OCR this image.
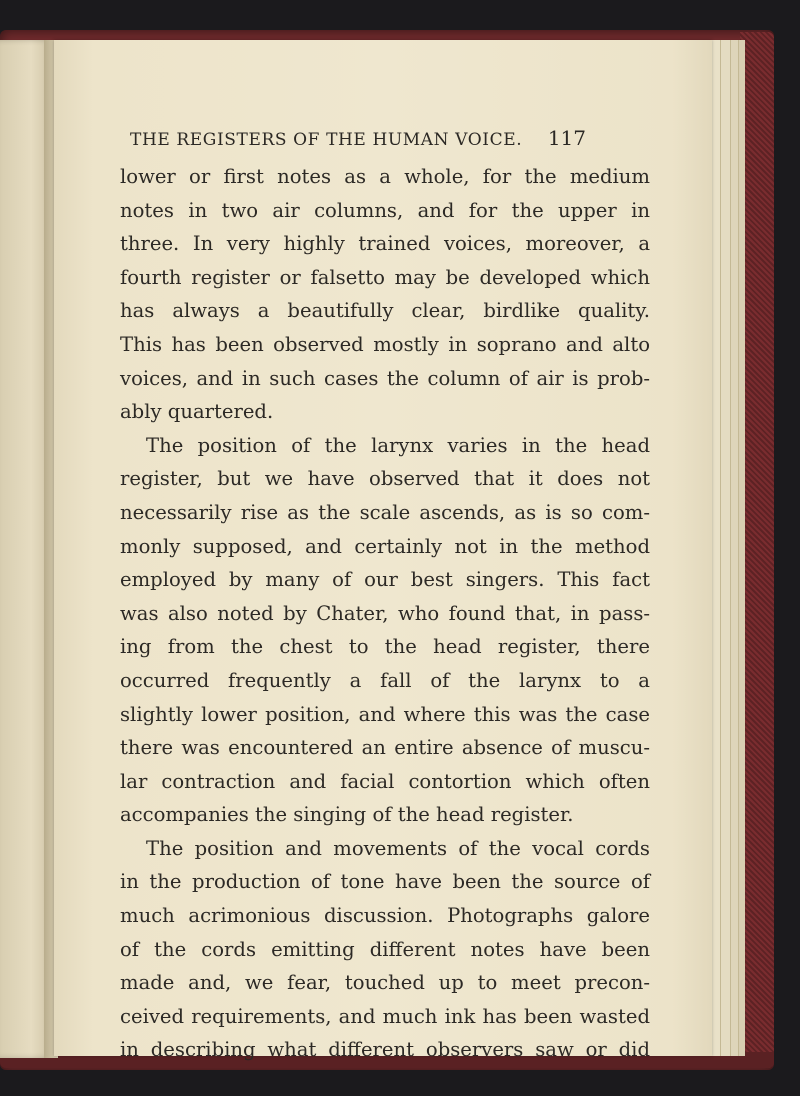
THE REGISTERS OF THE HUMAN VOICE.	117
lower or first notes as a whole, for the medium
notes in two air columns, and for the upper in
three. In very highly trained voices, moreover, a
fourth register or falsetto may be developed which
has always a beautifully clear, birdlike quality.
This has been observed mostly in soprano and alto
voices, and in such cases the column of air is prob-
ably quartered.
The position of the larynx varies in the head
register, but we have observed that it does not
necessarily rise as the scale ascends, as is so com-
monly supposed, and certainly not in the method
employed by many of our best singers. This fact
was also noted by Chater, who found that, in pass-
ing from the chest to the head register, there
occurred frequently a fall of the larynx to a
slightly lower position, and where this was the case
there was encountered an entire absence of muscu-
lar contraction and facial contortion which often
accompanies the singing of the head register.
The position and movements of the vocal cords
in the production of tone have been the source of
much acrimonious discussion. Photographs galore
of the cords emitting different notes have been
made and, we fear, touched up to meet precon-
ceived requirements, and much ink has been wasted
in describing what different observers saw or did
